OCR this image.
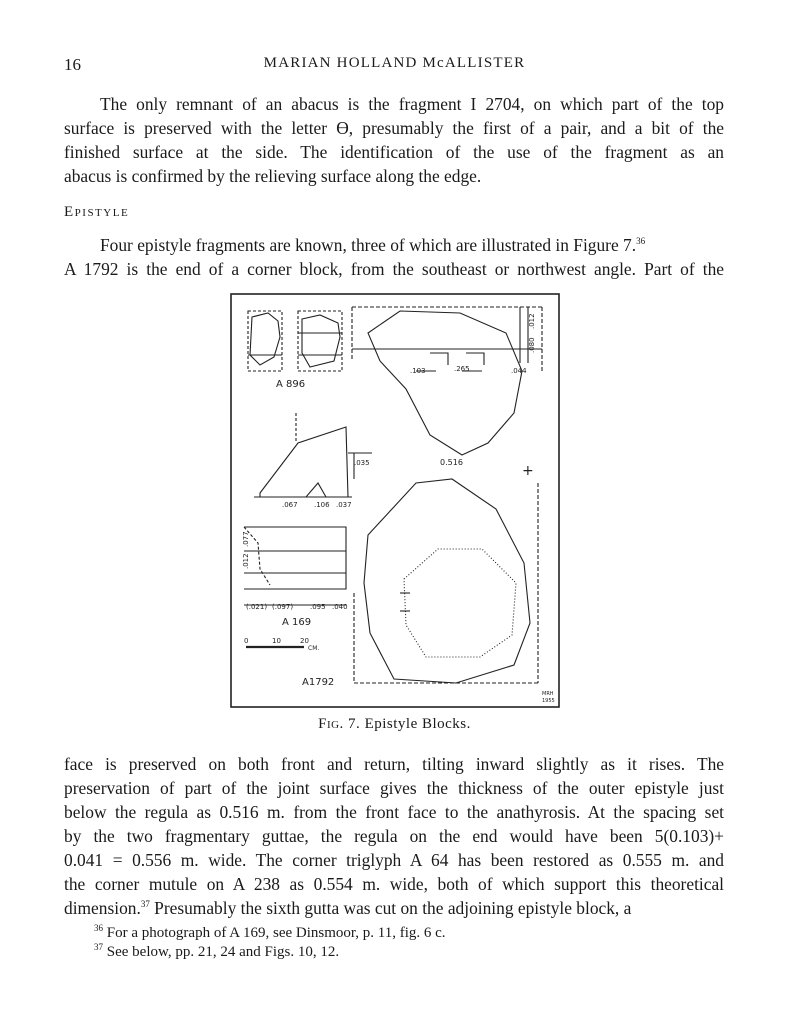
16	MARIAN HOLLAND McALLISTER
The only remnant of an abacus is the fragment I 2704, on which part of the top
surface is preserved with the letter ϴ, presumably the first of a pair, and a bit of the
finished surface at the side. The identification of the use of the fragment as an
abacus is confirmed by the relieving surface along the edge.
Epistyle
Four epistyle fragments are known, three of which are illustrated in Figure 7.36
A 1792 is the end of a corner block, from the southeast or northwest angle. Part of the
A 896
.103	.265	.044
.012
.080
0.516
.035
.067 .106 .037
+
.077
.012
(.021) (.097) .095 .040
A 169
0	10	20
CM.
A1792
MRH
1955
Fig. 7. Epistyle Blocks.
face is preserved on both front and return, tilting inward slightly as it rises. The
preservation of part of the joint surface gives the thickness of the outer epistyle just
below the regula as 0.516 m. from the front face to the anathyrosis. At the spacing set
by the two fragmentary guttae, the regula on the end would have been 5(0.103)+
0.041 = 0.556 m. wide. The corner triglyph A 64 has been restored as 0.555 m. and
the corner mutule on A 238 as 0.554 m. wide, both of which support this theoretical
dimension.$^{37}$ Presumably the sixth gutta was cut on the adjoining epistyle block, a
$^{36}$ For a photograph of A 169, see Dinsmoor, p. 11, fig. 6 c.
$^{37}$ See below, pp. 21, 24 and Figs. 10, 12.
